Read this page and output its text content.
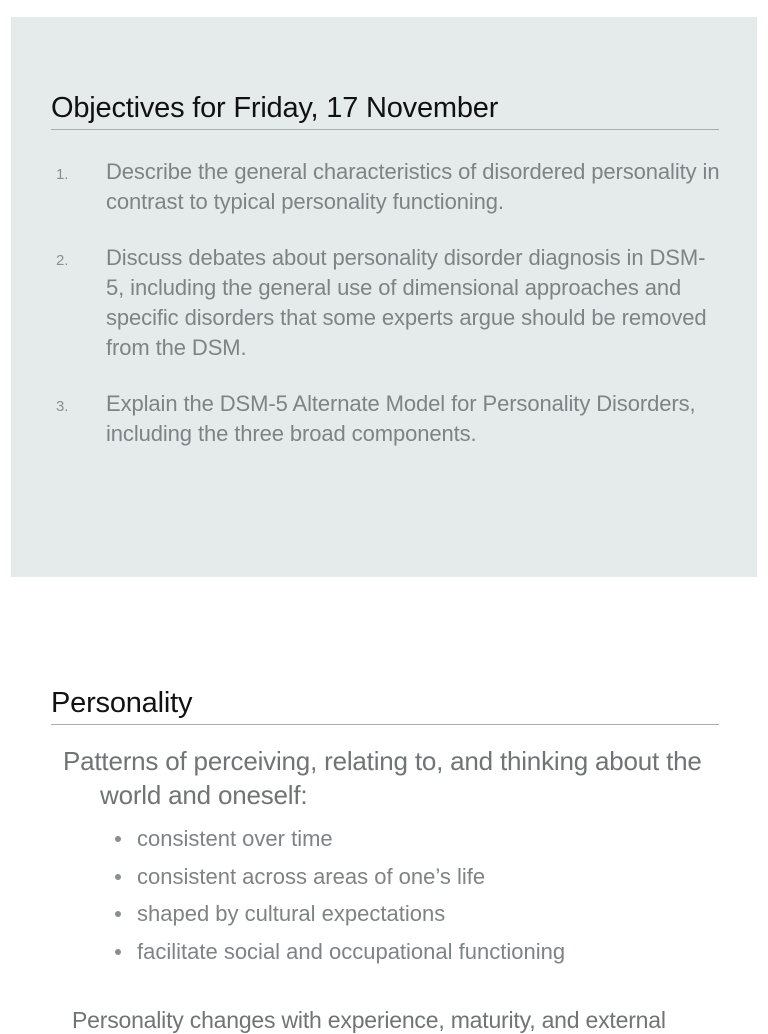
Objectives for Friday, 17 November
1. Describe the general characteristics of disordered personality in contrast to typical personality functioning.
2. Discuss debates about personality disorder diagnosis in DSM-5, including the general use of dimensional approaches and specific disorders that some experts argue should be removed from the DSM.
3. Explain the DSM-5 Alternate Model for Personality Disorders, including the three broad components.
Personality
Patterns of perceiving, relating to, and thinking about the world and oneself:
consistent over time
consistent across areas of one’s life
shaped by cultural expectations
facilitate social and occupational functioning
Personality changes with experience, maturity, and external
